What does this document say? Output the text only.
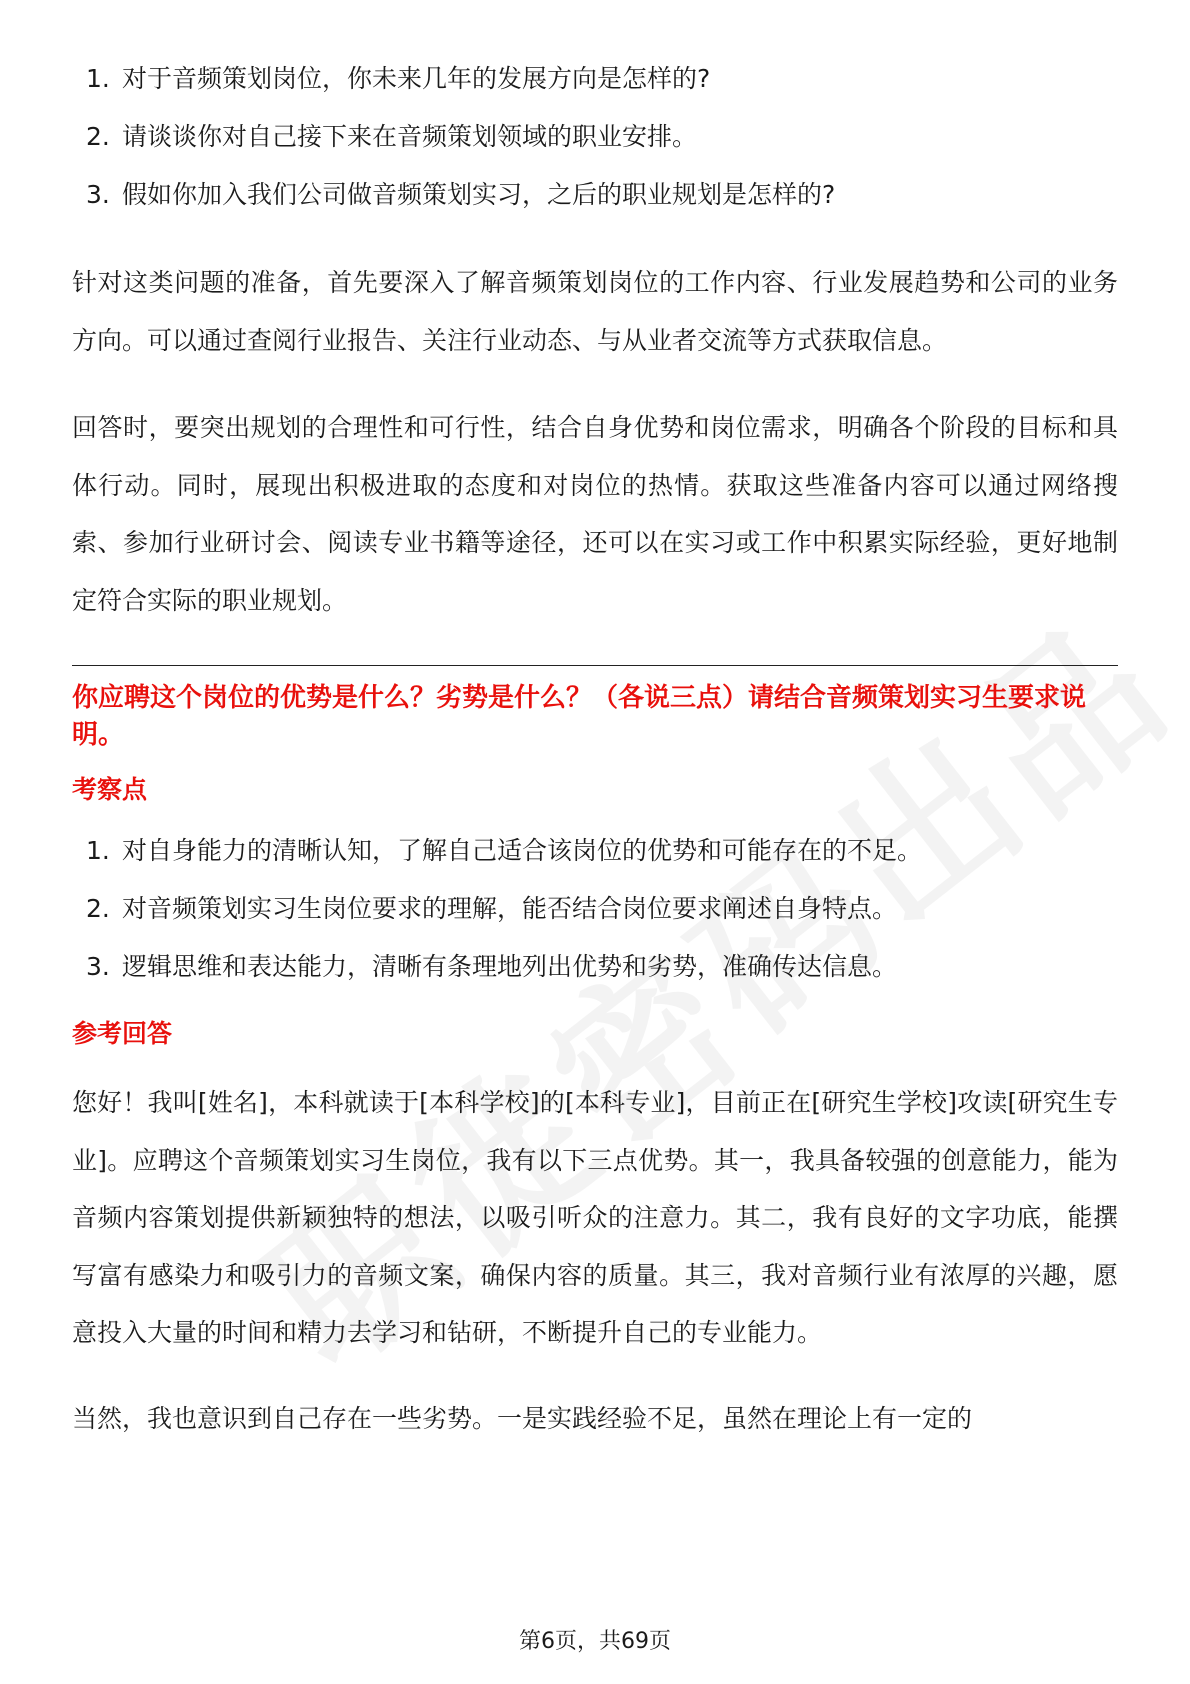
1. 对于音频策划岗位，你未来几年的发展方向是怎样的?
2. 请谈谈你对自己接下来在音频策划领域的职业安排。
3. 假如你加入我们公司做音频策划实习，之后的职业规划是怎样的?

针对这类问题的准备，首先要深入了解音频策划岗位的工作内容、行业发展趋势和公司的业务方向。可以通过查阅行业报告、关注行业动态、与从业者交流等方式获取信息。

回答时，要突出规划的合理性和可行性，结合自身优势和岗位需求，明确各个阶段的目标和具体行动。同时，展现出积极进取的态度和对岗位的热情。获取这些准备内容可以通过网络搜索、参加行业研讨会、阅读专业书籍等途径，还可以在实习或工作中积累实际经验，更好地制定符合实际的职业规划。

你应聘这个岗位的优势是什么？劣势是什么？（各说三点）请结合音频策划实习生要求说明。

考察点

1. 对自身能力的清晰认知，了解自己适合该岗位的优势和可能存在的不足。
2. 对音频策划实习生岗位要求的理解，能否结合岗位要求阐述自身特点。
3. 逻辑思维和表达能力，清晰有条理地列出优势和劣势，准确传达信息。

参考回答

您好！我叫[姓名]，本科就读于[本科学校]的[本科专业]，目前正在[研究生学校]攻读[研究生专业]。应聘这个音频策划实习生岗位，我有以下三点优势。其一，我具备较强的创意能力，能为音频内容策划提供新颖独特的想法，以吸引听众的注意力。其二，我有良好的文字功底，能撰写富有感染力和吸引力的音频文案，确保内容的质量。其三，我对音频行业有浓厚的兴趣，愿意投入大量的时间和精力去学习和钻研，不断提升自己的专业能力。

当然，我也意识到自己存在一些劣势。一是实践经验不足，虽然在理论上有一定的

第6页，共69页
